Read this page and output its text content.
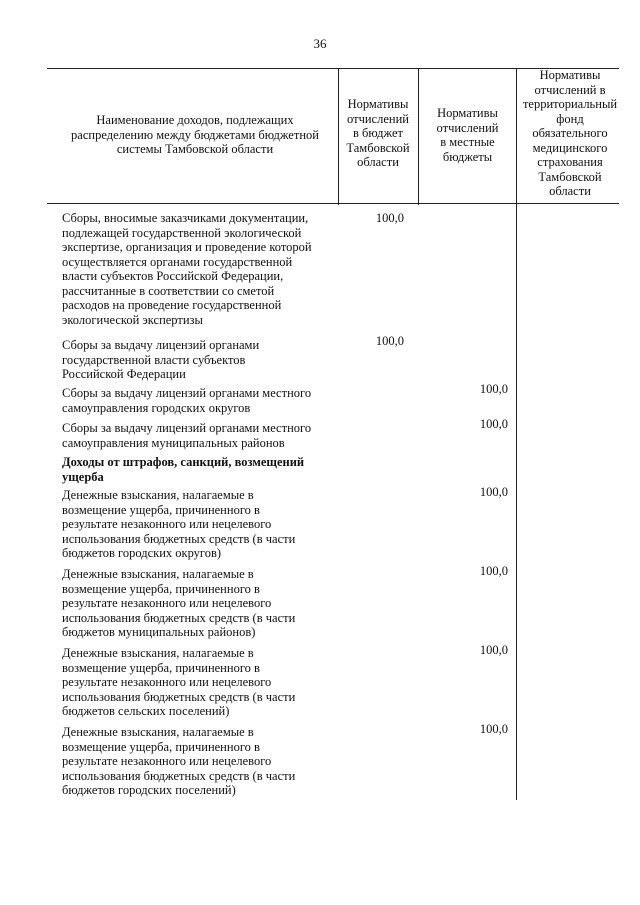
36
Наименование доходов, подлежащих
распределению между бюджетами бюджетной
системы Тамбовской области
Нормативы
отчислений
в бюджет
Тамбовской
области
Нормативы
отчислений
в местные
бюджеты
Нормативы
отчислений в
территориальный
фонд
обязательного
медицинского
страхования
Тамбовской
области
Сборы, вносимые заказчиками документации,
подлежащей государственной экологической
экспертизе, организация и проведение которой
осуществляется органами государственной
власти субъектов Российской Федерации,
рассчитанные в соответствии со сметой
расходов на проведение государственной
экологической экспертизы
100,0
Сборы за выдачу лицензий органами
государственной власти субъектов
Российской Федерации
100,0
Сборы за выдачу лицензий органами местного
самоуправления городских округов
100,0
Сборы за выдачу лицензий органами местного
самоуправления муниципальных районов
100,0
Доходы от штрафов, санкций, возмещений
ущерба
Денежные взыскания, налагаемые в
возмещение ущерба, причиненного в
результате незаконного или нецелевого
использования бюджетных средств (в части
бюджетов городских округов)
100,0
Денежные взыскания, налагаемые в
возмещение ущерба, причиненного в
результате незаконного или нецелевого
использования бюджетных средств (в части
бюджетов муниципальных районов)
100,0
Денежные взыскания, налагаемые в
возмещение ущерба, причиненного в
результате незаконного или нецелевого
использования бюджетных средств (в части
бюджетов сельских поселений)
100,0
Денежные взыскания, налагаемые в
возмещение ущерба, причиненного в
результате незаконного или нецелевого
использования бюджетных средств (в части
бюджетов городских поселений)
100,0
